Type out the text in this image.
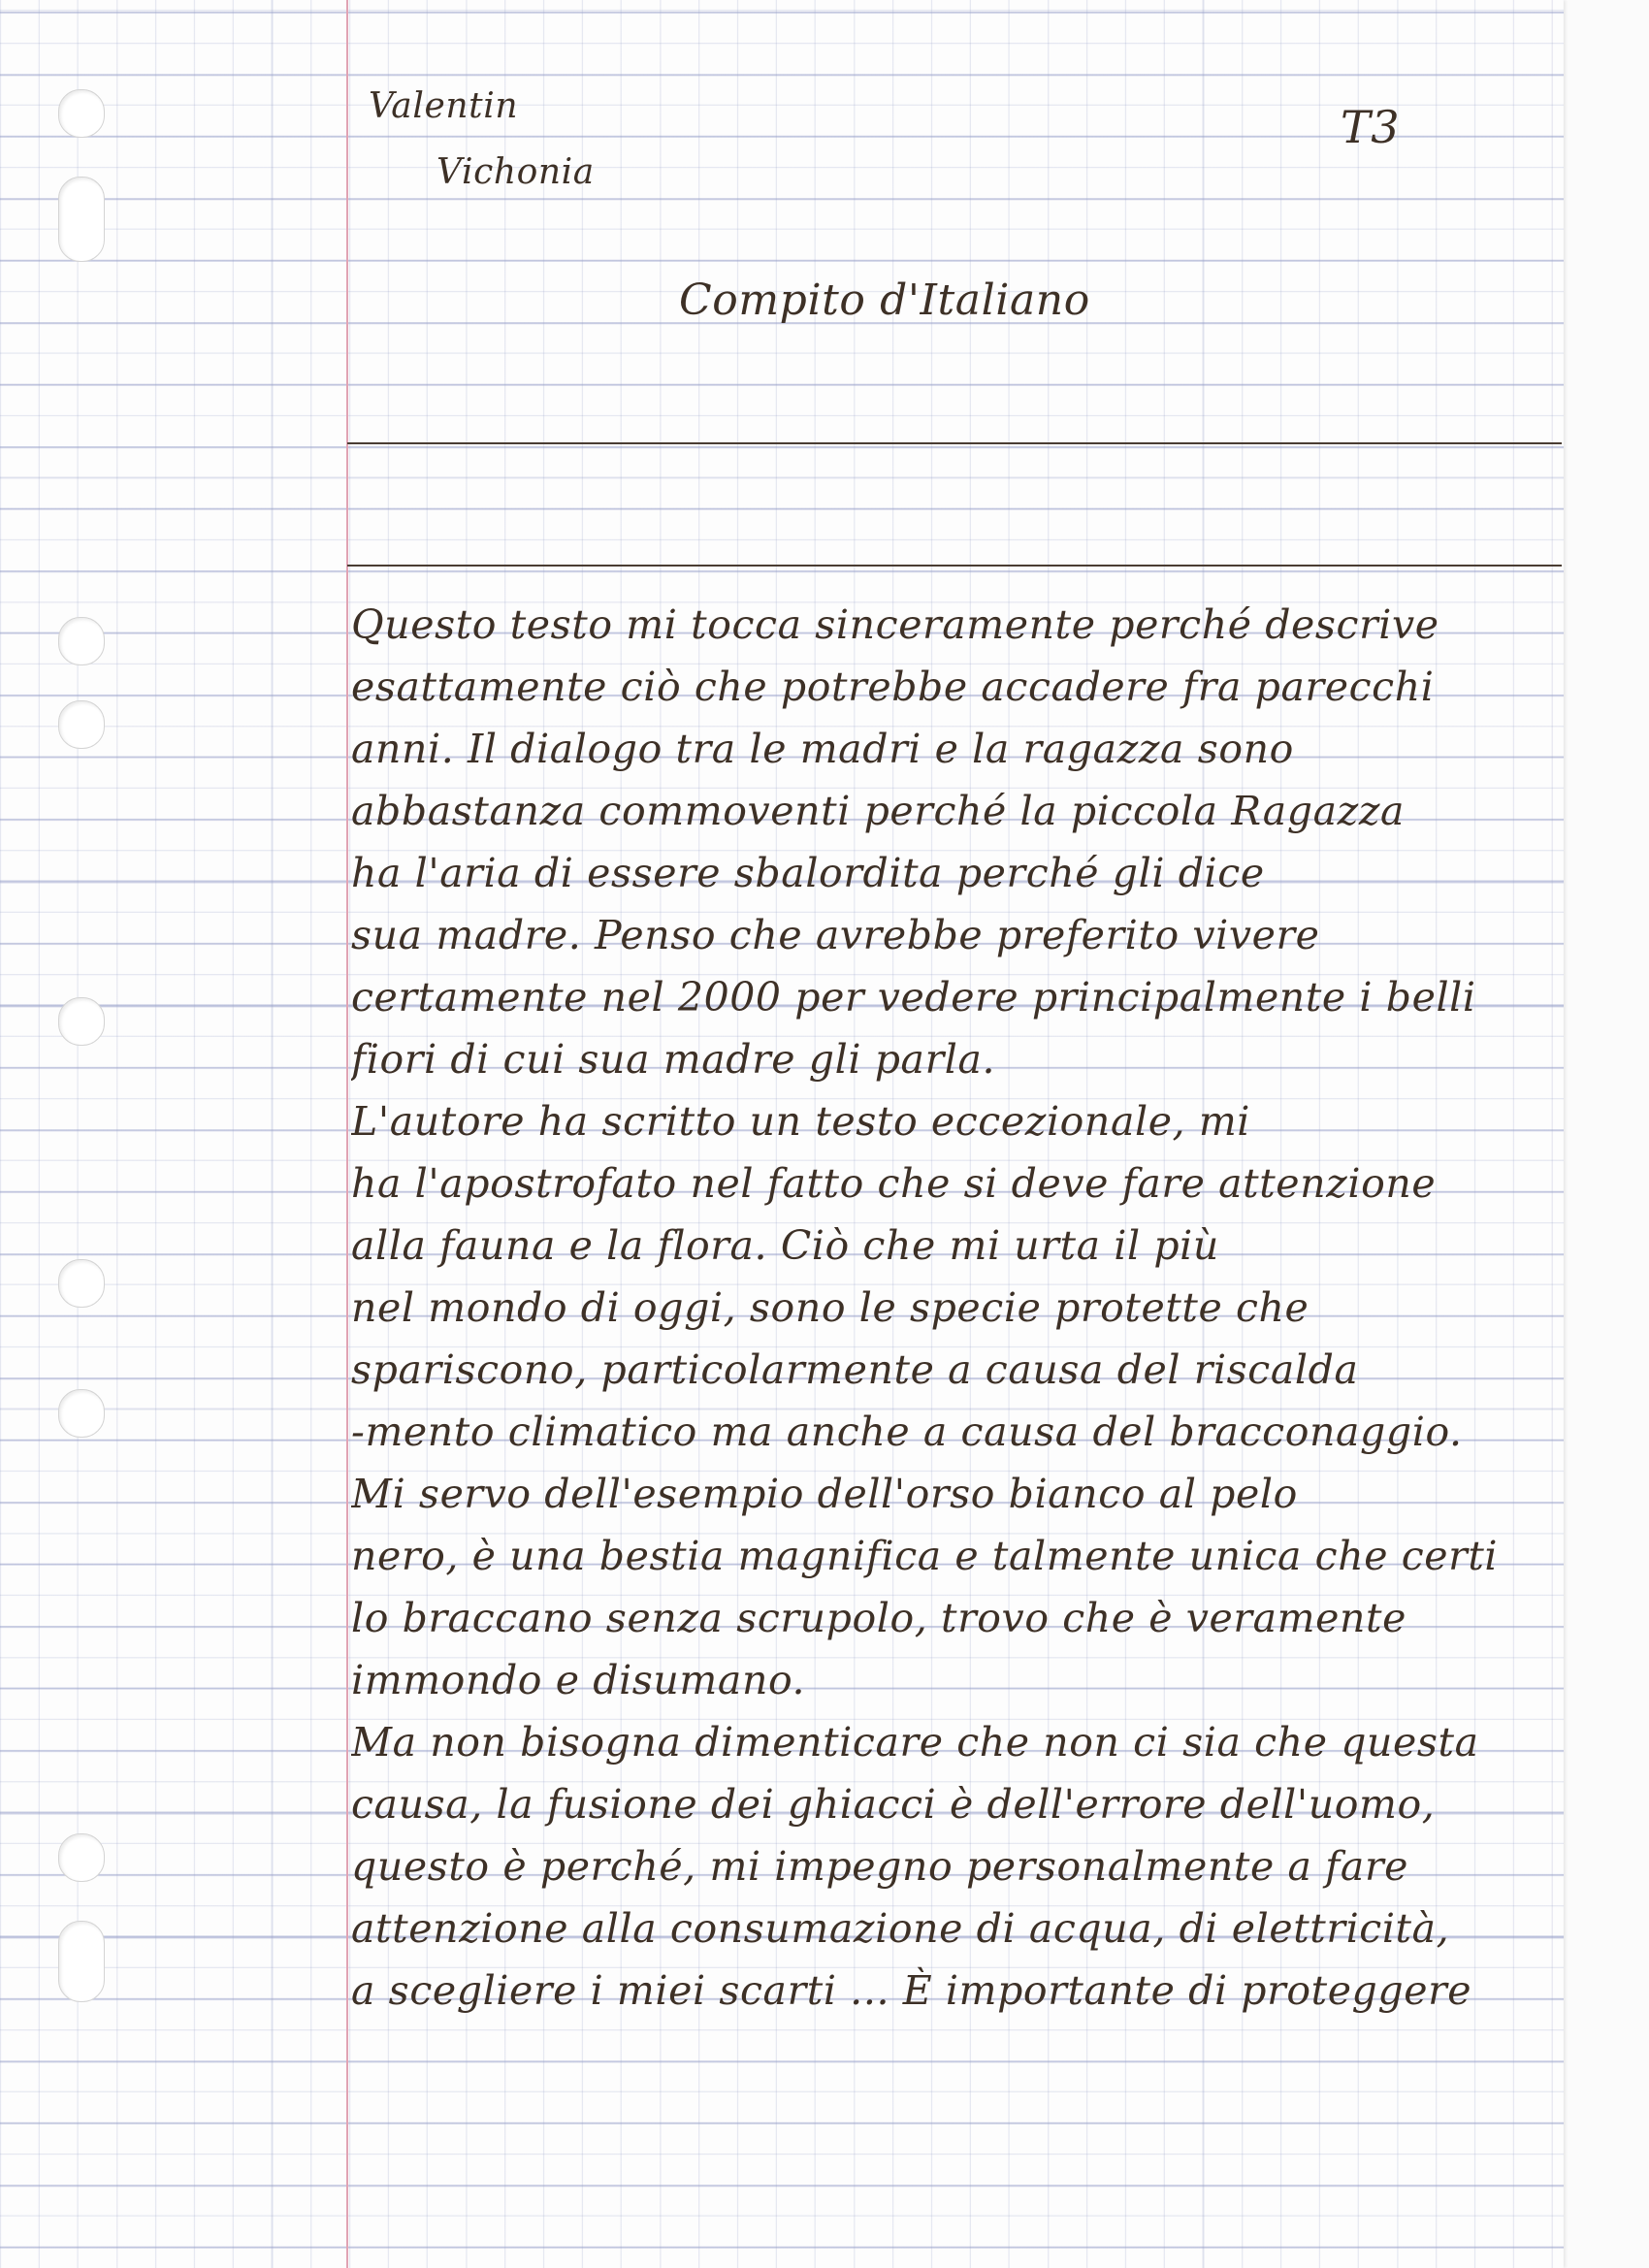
Valentin
Vichonia
T3
Compito d'Italiano
Questo testo mi tocca sinceramente perché descrive
esattamente ciò che potrebbe accadere fra parecchi
anni. Il dialogo tra le madri e la ragazza sono
abbastanza commoventi perché la piccola Ragazza
ha l'aria di essere sbalordita perché gli dice
sua madre. Penso che avrebbe preferito vivere
certamente nel 2000 per vedere principalmente i belli
fiori di cui sua madre gli parla.
L'autore ha scritto un testo eccezionale, mi
ha l'apostrofato nel fatto che si deve fare attenzione
alla fauna e la flora. Ciò che mi urta il più
nel mondo di oggi, sono le specie protette che
spariscono, particolarmente a causa del riscalda
-mento climatico ma anche a causa del bracconaggio.
Mi servo dell'esempio dell'orso bianco al pelo
nero, è una bestia magnifica e talmente unica che certi
lo braccano senza scrupolo, trovo che è veramente
immondo e disumano.
Ma non bisogna dimenticare che non ci sia che questa
causa, la fusione dei ghiacci è dell'errore dell'uomo,
questo è perché, mi impegno personalmente a fare
attenzione alla consumazione di acqua, di elettricità,
a scegliere i miei scarti ... È importante di proteggere
